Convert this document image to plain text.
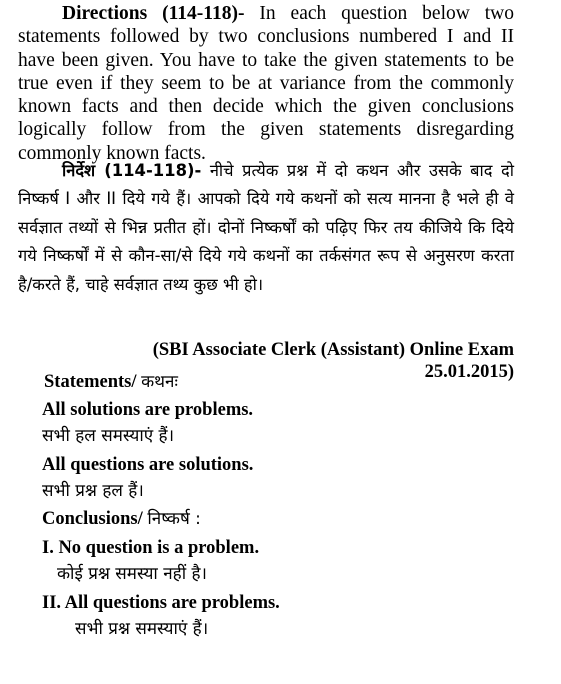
Directions (114-118)- In each question below two statements followed by two conclusions numbered I and II have been given. You have to take the given statements to be true even if they seem to be at variance from the commonly known facts and then decide which the given conclusions logically follow from the given statements disregarding commonly known facts.

निर्देश (114-118)- नीचे प्रत्येक प्रश्न में दो कथन और उसके बाद दो निष्कर्ष I और II दिये गये हैं। आपको दिये गये कथनों को सत्य मानना है भले ही वे सर्वज्ञात तथ्यों से भिन्न प्रतीत हों। दोनों निष्कर्षों को पढ़िए फिर तय कीजिये कि दिये गये निष्कर्षों में से कौन-सा/से दिये गये कथनों का तर्कसंगत रूप से अनुसरण करता है/करते हैं, चाहे सर्वज्ञात तथ्य कुछ भी हो।

(SBI Associate Clerk (Assistant) Online Exam
25.01.2015)
Statements/ कथनः
All solutions are problems.
सभी हल समस्याएं हैं।
All questions are solutions.
सभी प्रश्न हल हैं।
Conclusions/ निष्कर्ष :
I. No question is a problem.
कोई प्रश्न समस्या नहीं है।
II. All questions are problems.
सभी प्रश्न समस्याएं हैं।
